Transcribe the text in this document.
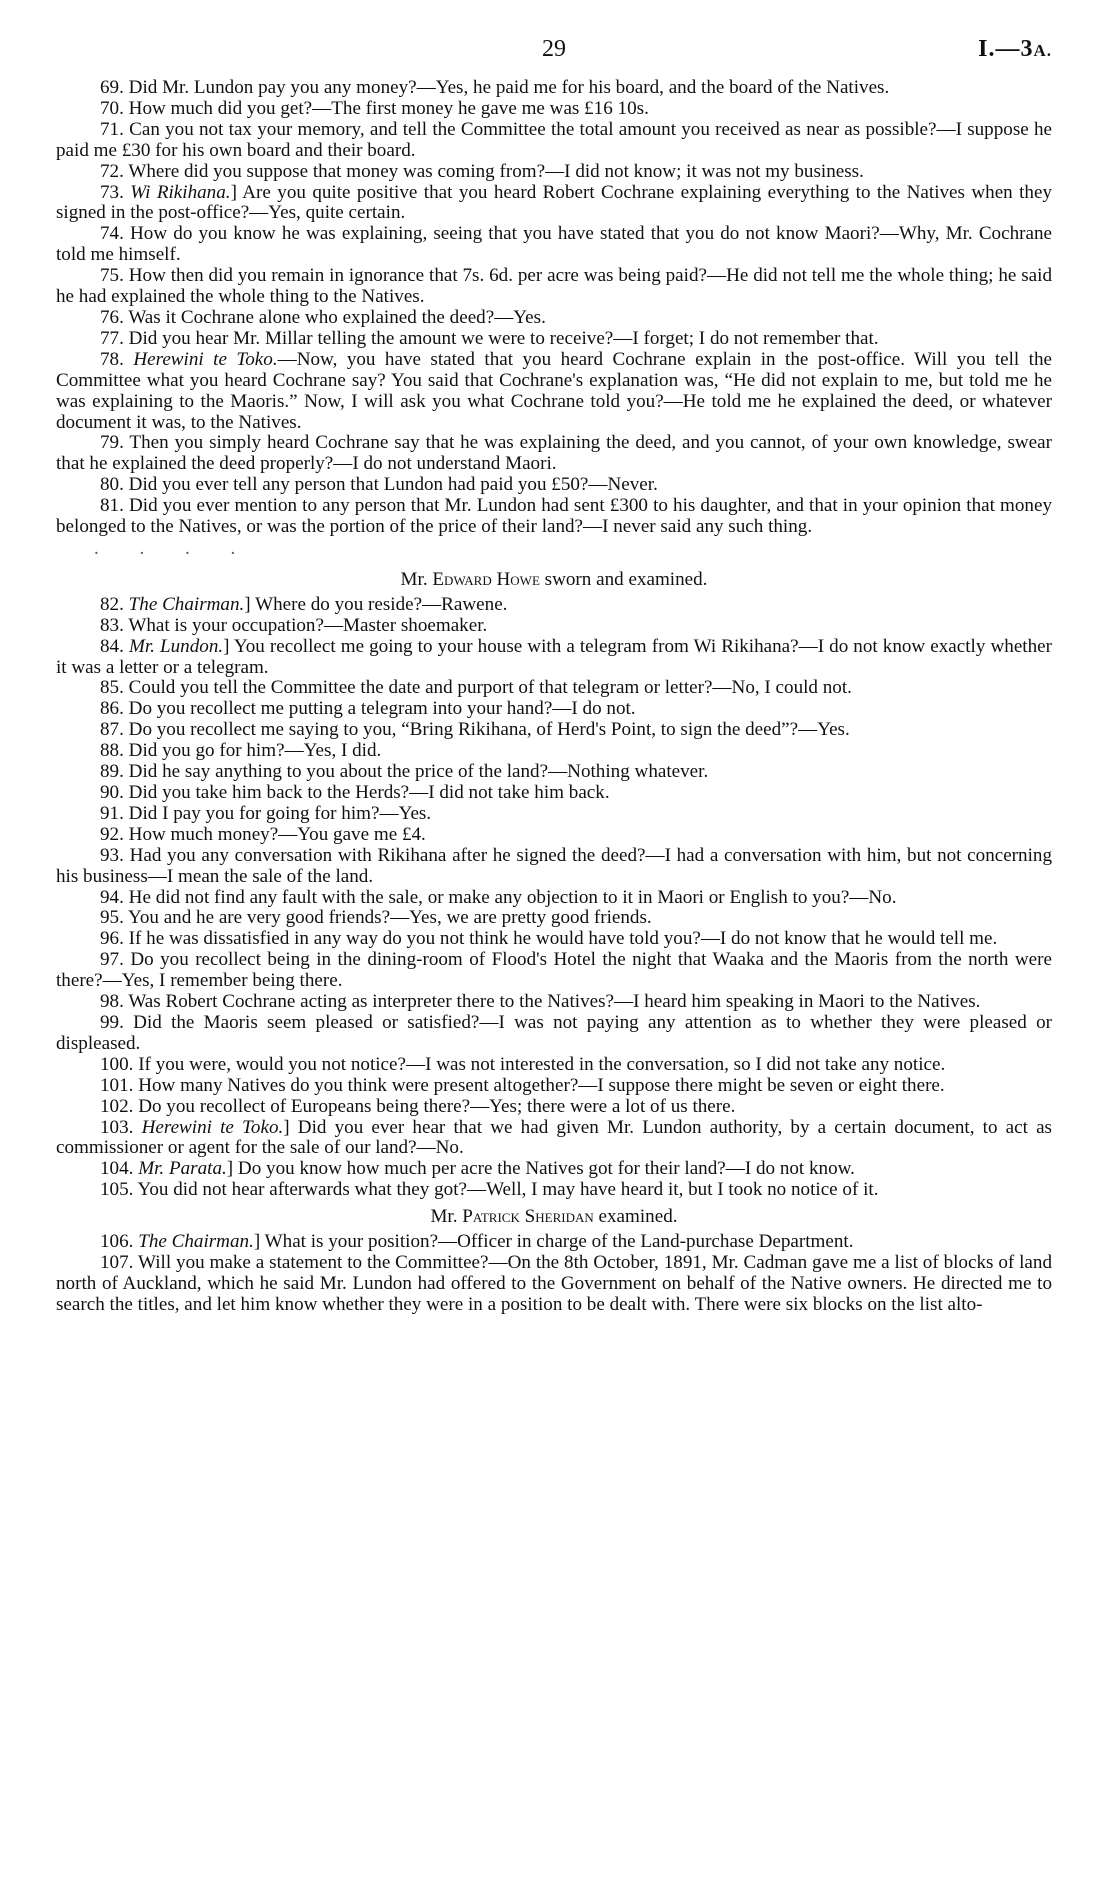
29	I.—3A.

69. Did Mr. Lundon pay you any money?—Yes, he paid me for his board, and the board of the Natives.

70. How much did you get?—The first money he gave me was £16 10s.

71. Can you not tax your memory, and tell the Committee the total amount you received as near as possible?—I suppose he paid me £30 for his own board and their board.

72. Where did you suppose that money was coming from?—I did not know; it was not my business.

73. Wi Rikihana.] Are you quite positive that you heard Robert Cochrane explaining everything to the Natives when they signed in the post-office?—Yes, quite certain.

74. How do you know he was explaining, seeing that you have stated that you do not know Maori?—Why, Mr. Cochrane told me himself.

75. How then did you remain in ignorance that 7s. 6d. per acre was being paid?—He did not tell me the whole thing; he said he had explained the whole thing to the Natives.

76. Was it Cochrane alone who explained the deed?—Yes.

77. Did you hear Mr. Millar telling the amount we were to receive?—I forget; I do not remember that.

78. Herewini te Toko.—Now, you have stated that you heard Cochrane explain in the post-office. Will you tell the Committee what you heard Cochrane say? You said that Cochrane's explanation was, “He did not explain to me, but told me he was explaining to the Maoris.” Now, I will ask you what Cochrane told you?—He told me he explained the deed, or whatever document it was, to the Natives.

79. Then you simply heard Cochrane say that he was explaining the deed, and you cannot, of your own knowledge, swear that he explained the deed properly?—I do not understand Maori.

80. Did you ever tell any person that Lundon had paid you £50?—Never.

81. Did you ever mention to any person that Mr. Lundon had sent £300 to his daughter, and that in your opinion that money belonged to the Natives, or was the portion of the price of their land?—I never said any such thing.

. . . .
Mr. Edward Howe sworn and examined.

82. The Chairman.] Where do you reside?—Rawene.

83. What is your occupation?—Master shoemaker.

84. Mr. Lundon.] You recollect me going to your house with a telegram from Wi Rikihana?—I do not know exactly whether it was a letter or a telegram.

85. Could you tell the Committee the date and purport of that telegram or letter?—No, I could not.

86. Do you recollect me putting a telegram into your hand?—I do not.

87. Do you recollect me saying to you, “Bring Rikihana, of Herd's Point, to sign the deed”?—Yes.

88. Did you go for him?—Yes, I did.

89. Did he say anything to you about the price of the land?—Nothing whatever.

90. Did you take him back to the Herds?—I did not take him back.

91. Did I pay you for going for him?—Yes.

92. How much money?—You gave me £4.

93. Had you any conversation with Rikihana after he signed the deed?—I had a conversation with him, but not concerning his business—I mean the sale of the land.

94. He did not find any fault with the sale, or make any objection to it in Maori or English to you?—No.

95. You and he are very good friends?—Yes, we are pretty good friends.

96. If he was dissatisfied in any way do you not think he would have told you?—I do not know that he would tell me.

97. Do you recollect being in the dining-room of Flood's Hotel the night that Waaka and the Maoris from the north were there?—Yes, I remember being there.

98. Was Robert Cochrane acting as interpreter there to the Natives?—I heard him speaking in Maori to the Natives.

99. Did the Maoris seem pleased or satisfied?—I was not paying any attention as to whether they were pleased or displeased.

100. If you were, would you not notice?—I was not interested in the conversation, so I did not take any notice.

101. How many Natives do you think were present altogether?—I suppose there might be seven or eight there.

102. Do you recollect of Europeans being there?—Yes; there were a lot of us there.

103. Herewini te Toko.] Did you ever hear that we had given Mr. Lundon authority, by a certain document, to act as commissioner or agent for the sale of our land?—No.

104. Mr. Parata.] Do you know how much per acre the Natives got for their land?—I do not know.

105. You did not hear afterwards what they got?—Well, I may have heard it, but I took no notice of it.

Mr. Patrick Sheridan examined.

106. The Chairman.] What is your position?—Officer in charge of the Land-purchase Department.

107. Will you make a statement to the Committee?—On the 8th October, 1891, Mr. Cadman gave me a list of blocks of land north of Auckland, which he said Mr. Lundon had offered to the Government on behalf of the Native owners. He directed me to search the titles, and let him know whether they were in a position to be dealt with. There were six blocks on the list alto-
